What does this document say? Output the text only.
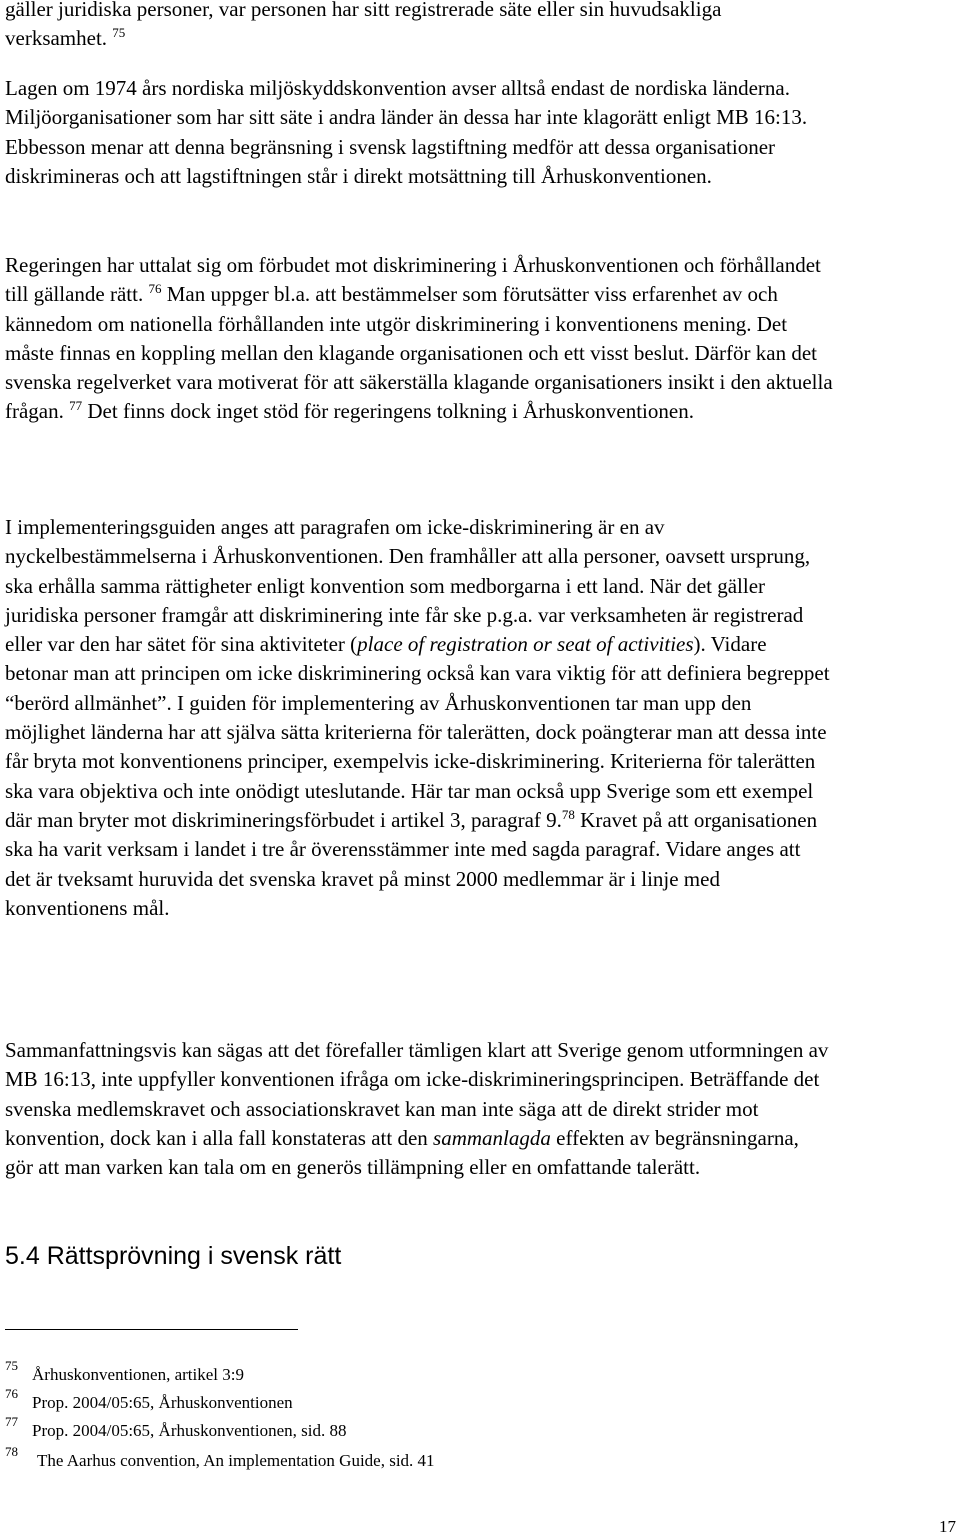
gäller juridiska personer, var personen har sitt registrerade säte eller sin huvudsakliga verksamhet. $^{75}$
Lagen om 1974 års nordiska miljöskyddskonvention avser alltså endast de nordiska länderna. Miljöorganisationer som har sitt säte i andra länder än dessa har inte klagorätt enligt MB 16:13. Ebbesson menar att denna begränsning i svensk lagstiftning medför att dessa organisationer diskrimineras och att lagstiftningen står i direkt motsättning till Århuskonventionen.
Regeringen har uttalat sig om förbudet mot diskriminering i Århuskonventionen och förhållandet till gällande rätt. $^{76}$ Man uppger bl.a. att bestämmelser som förutsätter viss erfarenhet av och kännedom om nationella förhållanden inte utgör diskriminering i konventionens mening. Det måste finnas en koppling mellan den klagande organisationen och ett visst beslut. Därför kan det svenska regelverket vara motiverat för att säkerställa klagande organisationers insikt i den aktuella frågan. $^{77}$ Det finns dock inget stöd för regeringens tolkning i Århuskonventionen.
I implementeringsguiden anges att paragrafen om icke-diskriminering är en av nyckelbestämmelserna i Århuskonventionen. Den framhåller att alla personer, oavsett ursprung, ska erhålla samma rättigheter enligt konvention som medborgarna i ett land. När det gäller juridiska personer framgår att diskriminering inte får ske p.g.a. var verksamheten är registrerad eller var den har sätet för sina aktiviteter (place of registration or seat of activities). Vidare betonar man att principen om icke diskriminering också kan vara viktig för att definiera begreppet “berörd allmänhet”. I guiden för implementering av Århuskonventionen tar man upp den möjlighet länderna har att själva sätta kriterierna för talerätten, dock poängterar man att dessa inte får bryta mot konventionens principer, exempelvis icke-diskriminering. Kriterierna för talerätten ska vara objektiva och inte onödigt uteslutande. Här tar man också upp Sverige som ett exempel där man bryter mot diskrimineringsförbudet i artikel 3, paragraf 9.78 Kravet på att organisationen ska ha varit verksam i landet i tre år överensstämmer inte med sagda paragraf. Vidare anges att det är tveksamt huruvida det svenska kravet på minst 2000 medlemmar är i linje med konventionens mål.
Sammanfattningsvis kan sägas att det förefaller tämligen klart att Sverige genom utformningen av MB 16:13, inte uppfyller konventionen ifråga om icke-diskrimineringsprincipen. Beträffande det svenska medlemskravet och associationskravet kan man inte säga att de direkt strider mot konvention, dock kan i alla fall konstateras att den sammanlagda effekten av begränsningarna, gör att man varken kan tala om en generös tillämpning eller en omfattande talerätt.
5.4 Rättsprövning i svensk rätt
75 Århuskonventionen, artikel 3:9
76 Prop. 2004/05:65, Århuskonventionen
77 Prop. 2004/05:65, Århuskonventionen, sid. 88
78 The Aarhus convention, An implementation Guide, sid. 41
17
